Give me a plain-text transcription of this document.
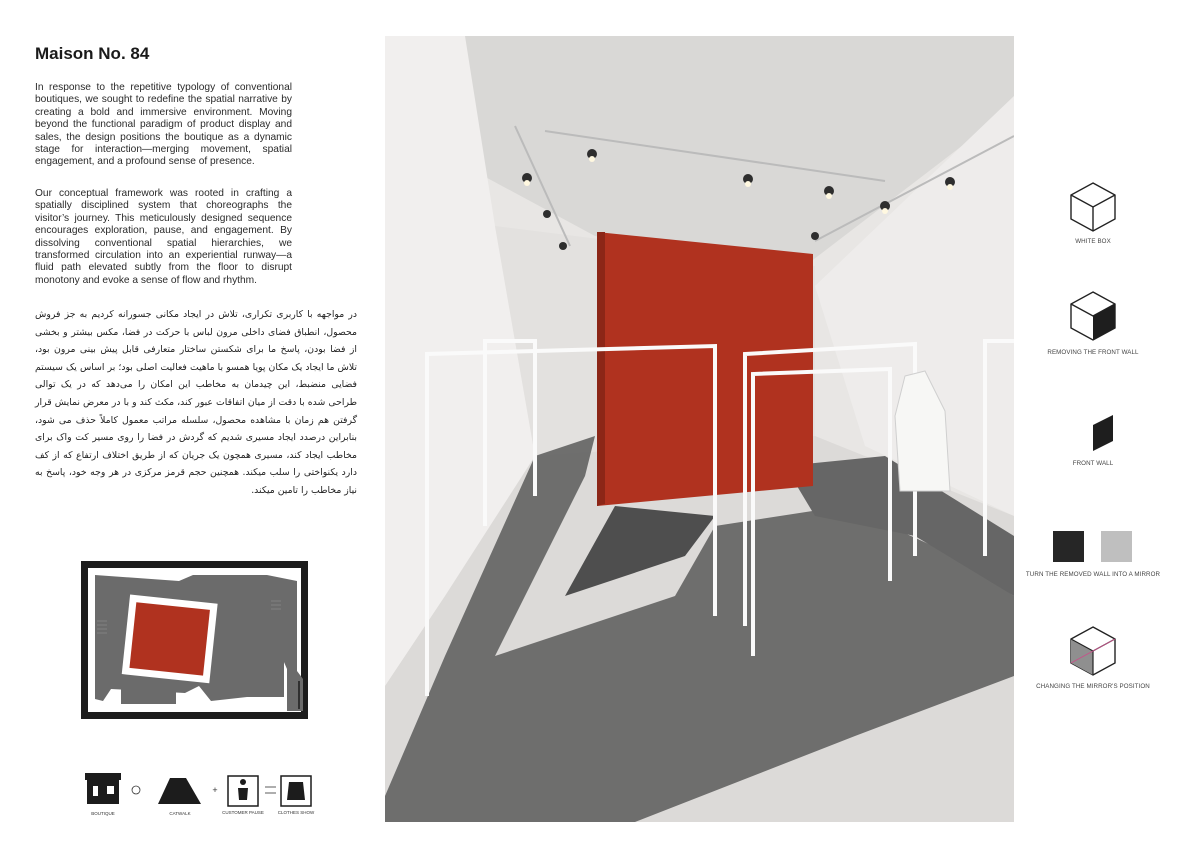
Maison No. 84

In response to the repetitive typology of conventional boutiques, we sought to redefine the spatial narrative by creating a bold and immersive environment. Moving beyond the functional paradigm of product display and sales, the design positions the boutique as a dynamic stage for interaction—merging movement, spatial engagement, and a profound sense of presence.

Our conceptual framework was rooted in crafting a spatially disciplined system that choreographs the visitor’s journey. This meticulously designed sequence encourages exploration, pause, and engagement. By dissolving conventional spatial hierarchies, we transformed circulation into an experiential runway—a fluid path elevated subtly from the floor to disrupt monotony and evoke a sense of flow and rhythm.

در مواجهه با کاربری تکراری، تلاش در ایجاد مکانی جسورانه کردیم به جز فروش محصول، انطباق فضای داخلی مرون لباس با حرکت در فضا، مکس بیشتر و بخشی از فضا بودن، پاسخ ما برای شکستن ساختار متعارفی قابل پیش بینی مرون بود، تلاش ما ایجاد یک مکان پویا همسو با ماهیت فعالیت اصلی بود؛ بر اساس یک سیستم فضایی منضبط، این چیدمان به مخاطب این امکان را می‌دهد که در یک توالی طراحی شده با دقت از میان اتفاقات عبور کند، مکث کند و با در معرض نمایش قرار گرفتن هم زمان با مشاهده محصول، سلسله مراتب معمول کاملاً حذف می شود، بنابراین درصدد ایجاد مسیری شدیم که گردش در فضا را روی مسیر کت واک برای مخاطب ایجاد کند، مسیری همچون یک جریان که از طریق اختلاف ارتفاع که از کف دارد یکنواختی را سلب میکند. همچنین حجم قرمز مرکزی در هر وجه خود، پاسخ به نیاز مخاطب را تامین میکند.

+
BOUTIQUE	CATWALK	CUSTOMER PAUSE	CLOTHES SHOW
WHITE BOX
REMOVING THE FRONT WALL
FRONT WALL
TURN THE REMOVED WALL INTO A MIRROR
CHANGING THE MIRROR'S POSITION
